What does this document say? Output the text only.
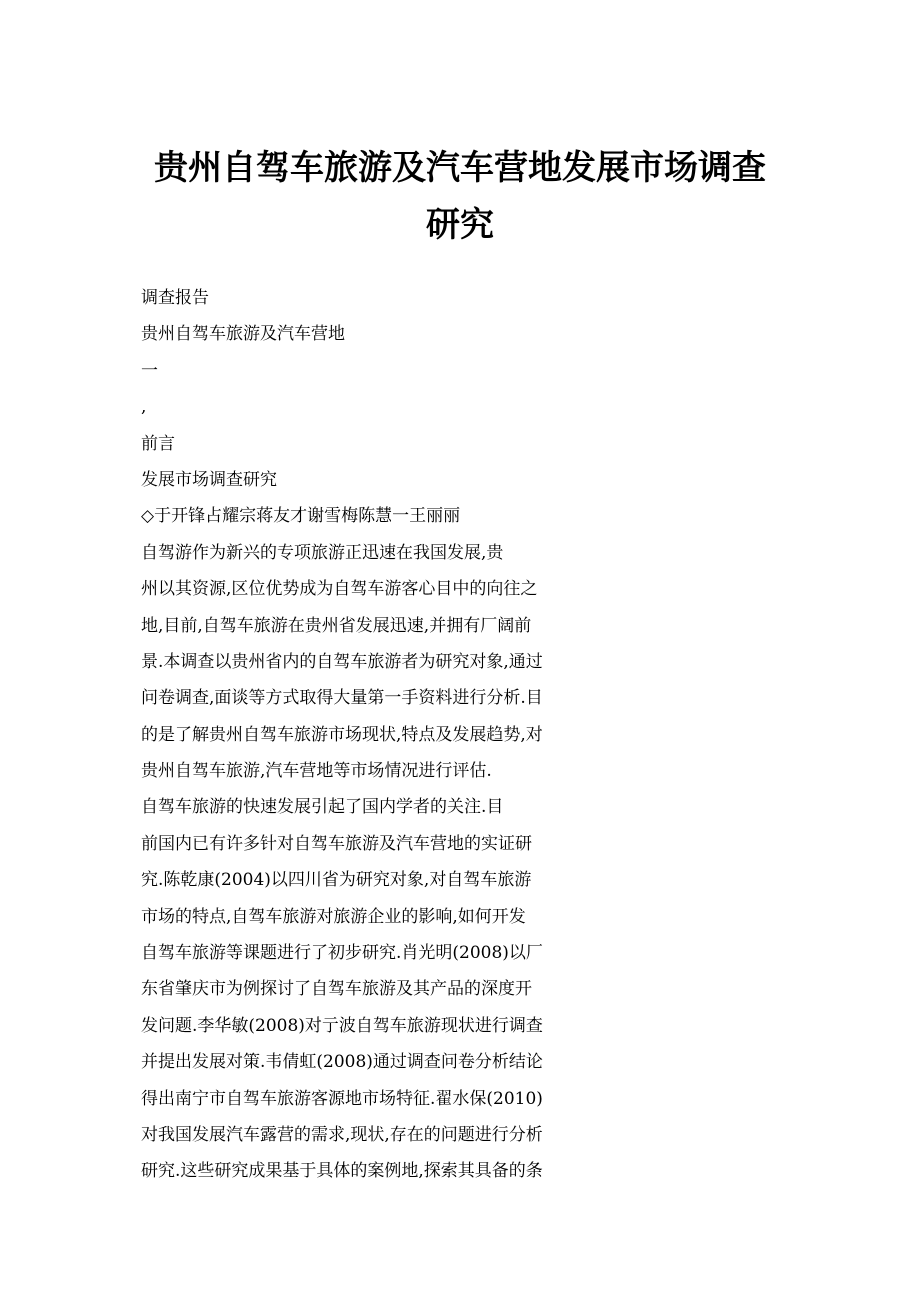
贵州自驾车旅游及汽车营地发展市场调查
研究
调查报告
贵州自驾车旅游及汽车营地
一
,
前言
发展市场调查研究
◇于开锋占耀宗蒋友才谢雪梅陈慧一王丽丽
自驾游作为新兴的专项旅游正迅速在我国发展,贵
州以其资源,区位优势成为自驾车游客心目中的向往之
地,目前,自驾车旅游在贵州省发展迅速,并拥有厂阔前
景.本调查以贵州省内的自驾车旅游者为研究对象,通过
问卷调查,面谈等方式取得大量第一手资料进行分析.目
的是了解贵州自驾车旅游市场现状,特点及发展趋势,对
贵州自驾车旅游,汽车营地等市场情况进行评估.
自驾车旅游的快速发展引起了国内学者的关注.目
前国内已有许多针对自驾车旅游及汽车营地的实证研
究.陈乾康(2004)以四川省为研究对象,对自驾车旅游
市场的特点,自驾车旅游对旅游企业的影响,如何开发
自驾车旅游等课题进行了初步研究.肖光明(2008)以厂
东省肇庆市为例探讨了自驾车旅游及其产品的深度开
发问题.李华敏(2008)对亍波自驾车旅游现状进行调查
并提出发展对策.韦倩虹(2008)通过调查问卷分析结论
得出南宁市自驾车旅游客源地市场特征.翟水保(2010)
对我国发展汽车露营的需求,现状,存在的问题进行分析
研究.这些研究成果基于具体的案例地,探索其具备的条
